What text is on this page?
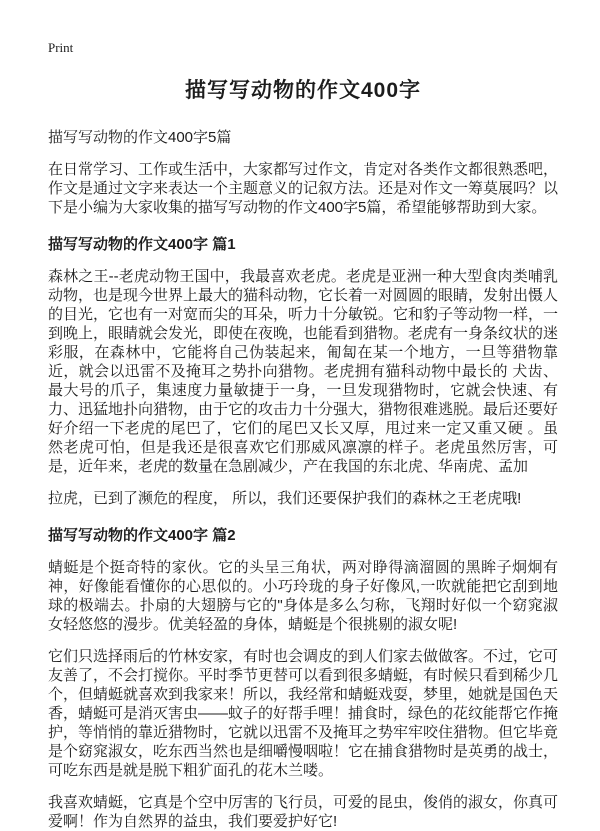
Print
描写写动物的作文400字

描写写动物的作文400字5篇

在日常学习、工作或生活中，大家都写过作文，肯定对各类作文都很熟悉吧，作文是通过文字来表达一个主题意义的记叙方法。还是对作文一筹莫展吗？以下是小编为大家收集的描写写动物的作文400字5篇，希望能够帮助到大家。

描写写动物的作文400字 篇1

森林之王--老虎动物王国中，我最喜欢老虎。老虎是亚洲一种大型食肉类哺乳动物，也是现今世界上最大的猫科动物，它长着一对圆圆的眼睛，发射出慑人的目光，它也有一对宽而尖的耳朵，听力十分敏锐。它和豹子等动物一样，一到晚上，眼睛就会发光，即使在夜晚，也能看到猎物。老虎有一身条纹状的迷彩服，在森林中，它能将自己伪装起来，匍匐在某一个地方，一旦等猎物靠近，就会以迅雷不及掩耳之势扑向猎物。老虎拥有猫科动物中最长的 犬齿、最大号的爪子，集速度力量敏捷于一身，一旦发现猎物时，它就会快速、有力、迅猛地扑向猎物，由于它的攻击力十分强大，猎物很难逃脱。最后还要好好介绍一下老虎的尾巴了，它们的尾巴又长又厚，甩过来一定又重又硬 。虽然老虎可怕，但是我还是很喜欢它们那威风凛凛的样子。老虎虽然厉害，可是，近年来，老虎的数量在急剧减少，产在我国的东北虎、华南虎、孟加

拉虎，已到了濒危的程度， 所以，我们还要保护我们的森林之王老虎哦!

描写写动物的作文400字 篇2

蜻蜓是个挺奇特的家伙。它的头呈三角状，两对睁得滴溜圆的黑眸子炯炯有神，好像能看懂你的心思似的。小巧玲珑的身子好像风,一吹就能把它刮到地球的极端去。扑扇的大翅膀与它的"身体是多么匀称，飞翔时好似一个窈窕淑女轻悠悠的漫步。优美轻盈的身体，蜻蜓是个很挑剔的淑女呢!

它们只选择雨后的竹林安家，有时也会调皮的到人们家去做做客。不过，它可友善了，不会打搅你。平时季节更替可以看到很多蜻蜓，有时候只看到稀少几个，但蜻蜓就喜欢到我家来！所以，我经常和蜻蜓戏耍，梦里，她就是国色天香，蜻蜓可是消灭害虫——蚊子的好帮手哩！捕食时，绿色的花纹能帮它作掩护，等悄悄的靠近猎物时，它就以迅雷不及掩耳之势牢牢咬住猎物。但它毕竟是个窈窕淑女，吃东西当然也是细嚼慢咽啦！它在捕食猎物时是英勇的战士，可吃东西是就是脱下粗犷面孔的花木兰喽。

我喜欢蜻蜓，它真是个空中厉害的飞行员，可爱的昆虫，俊俏的淑女，你真可爱啊！作为自然界的益虫，我们要爱护好它!
